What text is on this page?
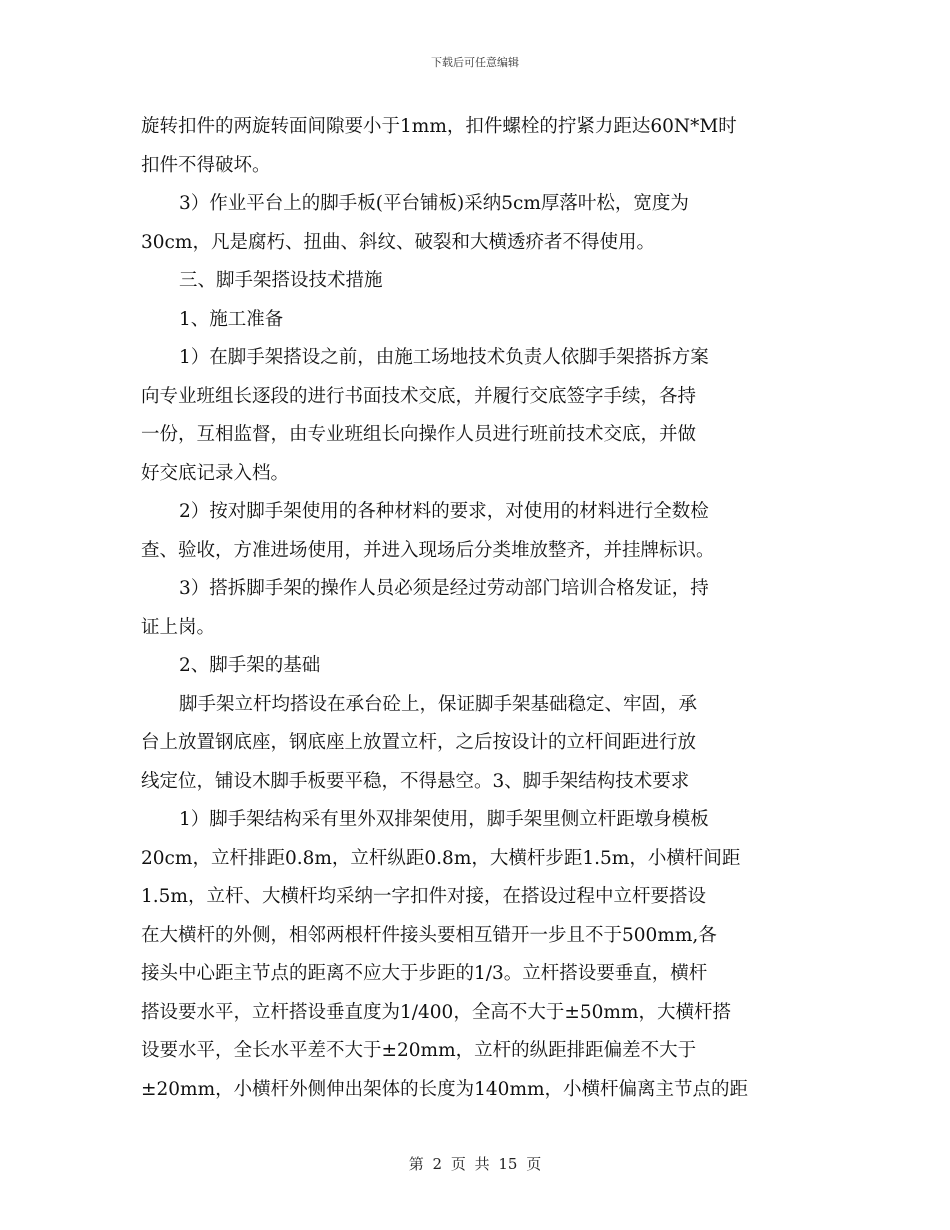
下载后可任意编辑
旋转扣件的两旋转面间隙要小于1mm，扣件螺栓的拧紧力距达60N*M时
扣件不得破坏。
3）作业平台上的脚手板(平台铺板)采纳5cm厚落叶松，宽度为
30cm，凡是腐朽、扭曲、斜纹、破裂和大横透疥者不得使用。
三、脚手架搭设技术措施
1、施工准备
1）在脚手架搭设之前，由施工场地技术负责人依脚手架搭拆方案
向专业班组长逐段的进行书面技术交底，并履行交底签字手续，各持
一份，互相监督，由专业班组长向操作人员进行班前技术交底，并做
好交底记录入档。
2）按对脚手架使用的各种材料的要求，对使用的材料进行全数检
查、验收，方准进场使用，并进入现场后分类堆放整齐，并挂牌标识。
3）搭拆脚手架的操作人员必须是经过劳动部门培训合格发证，持
证上岗。
2、脚手架的基础
脚手架立杆均搭设在承台砼上，保证脚手架基础稳定、牢固，承
台上放置钢底座，钢底座上放置立杆，之后按设计的立杆间距进行放
线定位，铺设木脚手板要平稳，不得悬空。3、脚手架结构技术要求
1）脚手架结构采有里外双排架使用，脚手架里侧立杆距墩身模板
20cm，立杆排距0.8m，立杆纵距0.8m，大横杆步距1.5m，小横杆间距
1.5m，立杆、大横杆均采纳一字扣件对接，在搭设过程中立杆要搭设
在大横杆的外侧，相邻两根杆件接头要相互错开一步且不于500mm,各
接头中心距主节点的距离不应大于步距的1/3。立杆搭设要垂直，横杆
搭设要水平，立杆搭设垂直度为1/400，全高不大于±50mm，大横杆搭
设要水平，全长水平差不大于±20mm，立杆的纵距排距偏差不大于
±20mm，小横杆外侧伸出架体的长度为140mm，小横杆偏离主节点的距
第 2 页 共 15 页
